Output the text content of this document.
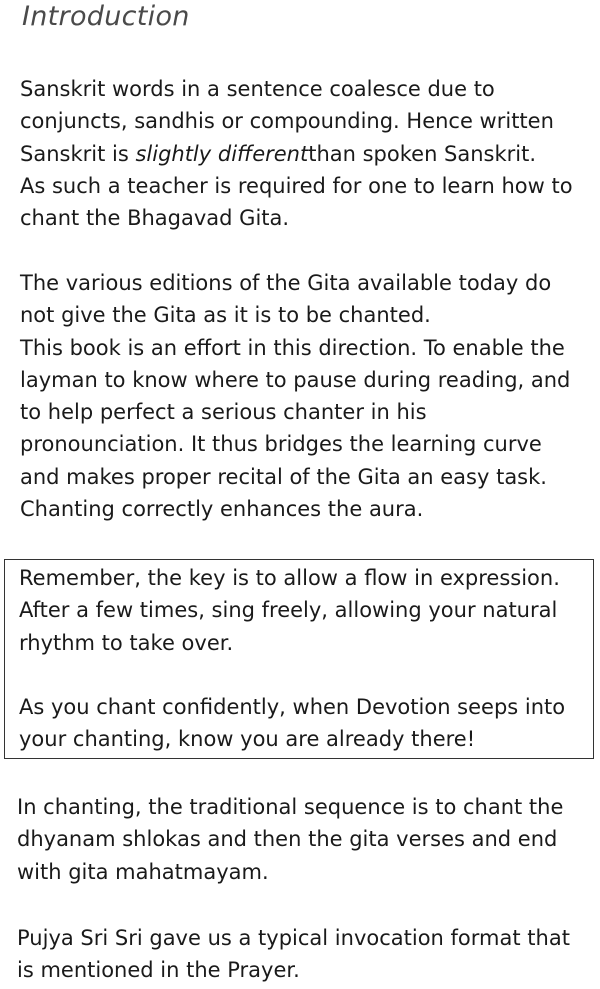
Introduction
Sanskrit words in a sentence coalesce due to
conjuncts, sandhis or compounding. Hence written
Sanskrit is slightly differentthan spoken Sanskrit.
As such a teacher is required for one to learn how to
chant the Bhagavad Gita.
The various editions of the Gita available today do
not give the Gita as it is to be chanted.
This book is an effort in this direction. To enable the
layman to know where to pause during reading, and
to help perfect a serious chanter in his
pronounciation. It thus bridges the learning curve
and makes proper recital of the Gita an easy task.
Chanting correctly enhances the aura.
Remember, the key is to allow a flow in expression.
After a few times, sing freely, allowing your natural
rhythm to take over.
As you chant confidently, when Devotion seeps into
your chanting, know you are already there!
In chanting, the traditional sequence is to chant the
dhyanam shlokas and then the gita verses and end
with gita mahatmayam.
Pujya Sri Sri gave us a typical invocation format that
is mentioned in the Prayer.
